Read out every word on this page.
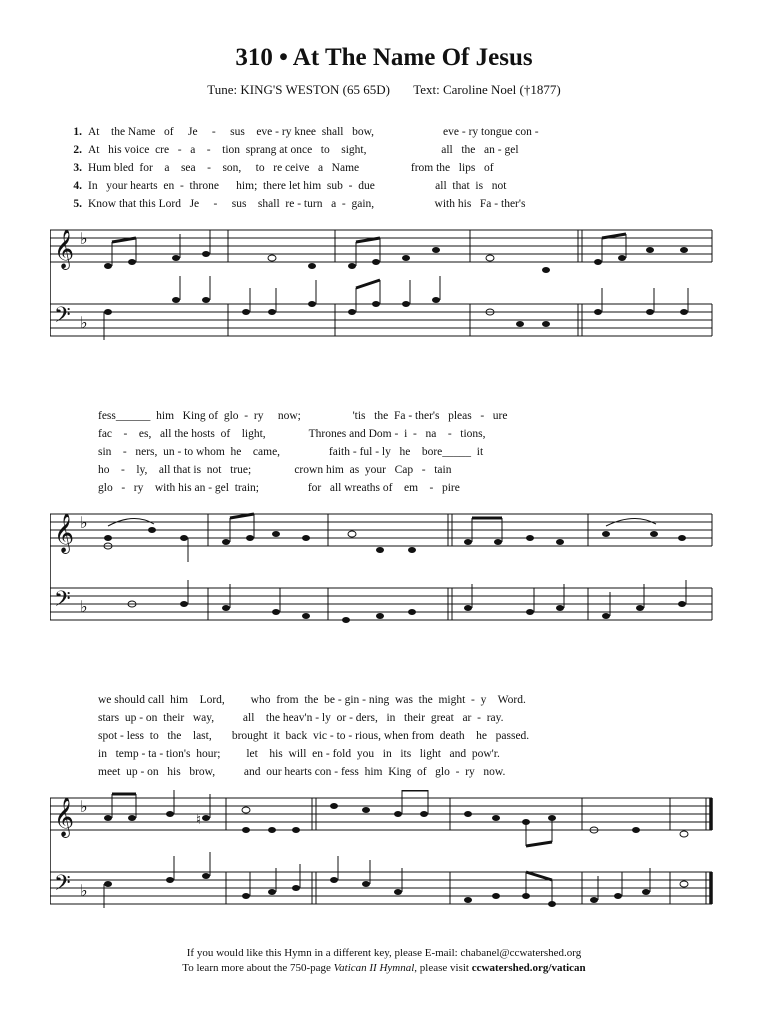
310 • At The Name Of Jesus
Tune: KING'S WESTON (65 65D) Text: Caroline Noel (†1877)
1. At    the Name   of     Je     -     sus    eve - ry knee  shall   bow,                        eve - ry tongue con -
2. At   his voice  cre   -   a    -    tion  sprang at once   to    sight,                          all   the   an - gel
3. Hum bled  for    a    sea    -    son,     to   re ceive   a   Name                  from the   lips   of
4. In   your hearts  en  -  throne      him;  there let him  sub  -  due                     all  that  is   not
5. Know that this Lord   Je     -     sus    shall  re - turn   a  -  gain,                     with his   Fa - ther's
𝄞
𝄢
♭
♭
fess______  him   King of  glo  -  ry     now;                  'tis   the  Fa - ther's   pleas   -   ure
fac    -    es,   all the hosts  of    light,               Thrones and Dom -  i  -   na    -   tions,
sin    -   ners,  un - to whom  he    came,                 faith - ful - ly   he    bore_____  it
ho    -    ly,    all that is  not   true;               crown him  as  your   Cap   -   tain
glo   -   ry    with his an - gel  train;                 for   all wreaths of    em    -   pire
𝄞
𝄢
♭
♭
we should call  him    Lord,         who  from  the  be - gin - ning  was  the  might  -  y    Word.
stars  up - on  their   way,          all    the heav'n - ly  or - ders,   in   their  great   ar  -  ray.
spot - less  to   the    last,       brought  it  back  vic - to - rious, when from  death    he   passed.
in   temp - ta - tion's  hour;         let    his  will  en - fold  you   in   its   light   and  pow'r.
meet  up - on   his   brow,          and  our hearts con - fess  him  King  of   glo  -  ry   now.
𝄞
𝄢
♭
♭
♮
If you would like this Hymn in a different key, please E-mail: chabanel@ccwatershed.org
To learn more about the 750-page Vatican II Hymnal, please visit ccwatershed.org/vatican
